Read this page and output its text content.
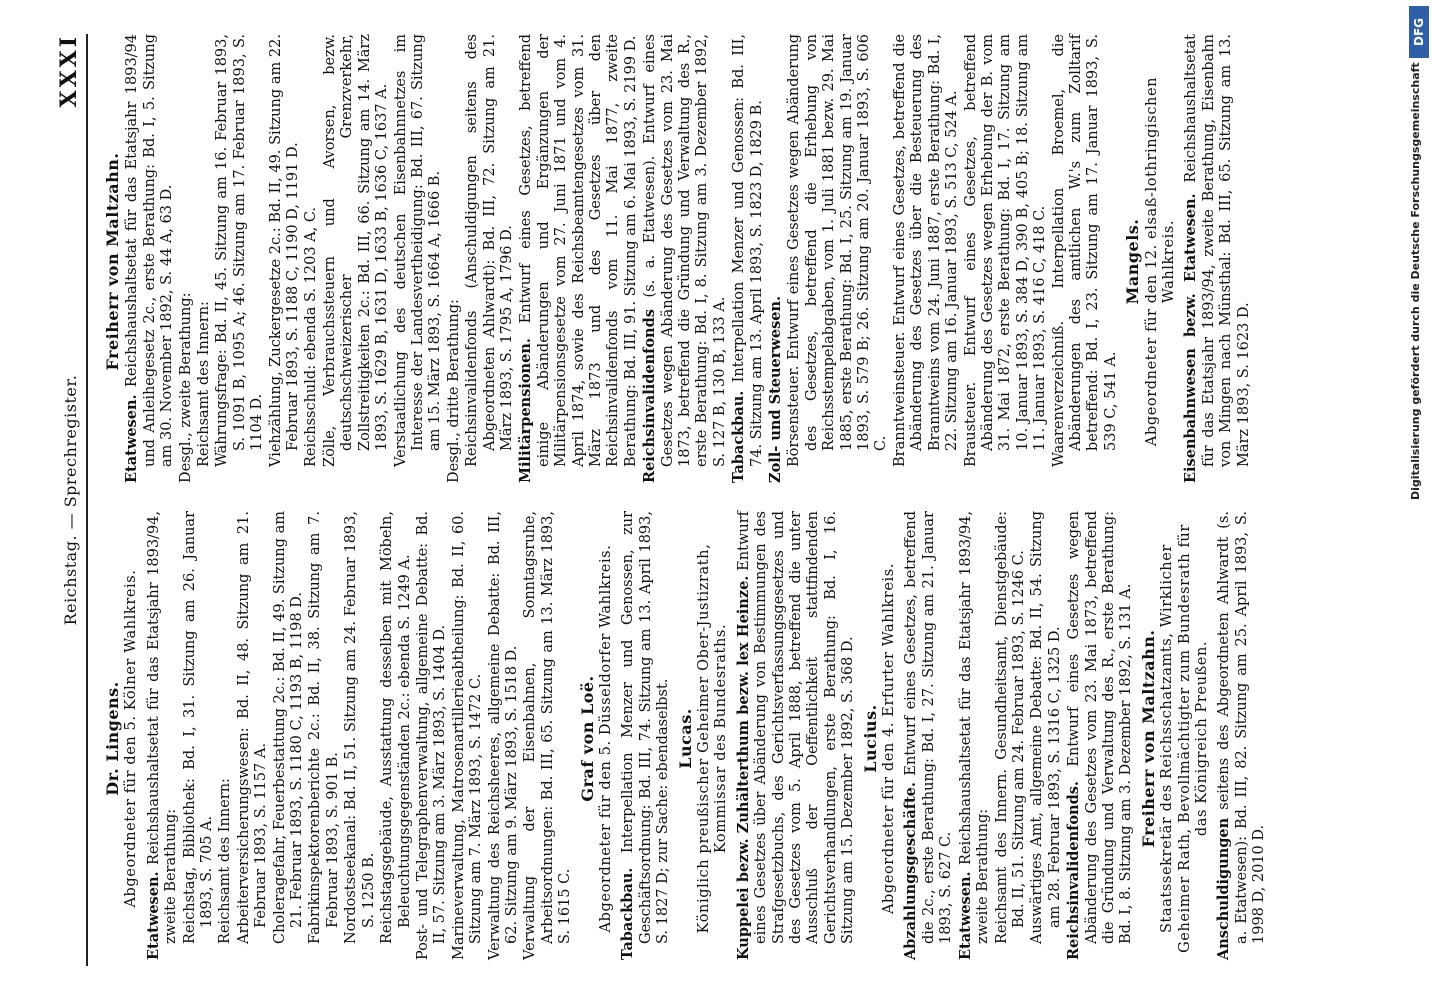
Reichstag. — Sprechregister.
XXXI
Dr. Lingens. Abgeordneter für den 5. Kölner Wahlkreis.
Etatwesen. Reichshaushaltsetat für das Etatsjahr 1893/94, zweite Berathung: Reichstag, Bibliothek: Bd. I, 31. Sitzung am 26. Januar 1893, S. 705 A. Reichsamt des Innern: Arbeiterversicherungswesen: Bd. II, 48. Sitzung am 21. Februar 1893, S. 1157 A. Choleragefahr, Feuerbestattung 2c.: Bd. II, 49. Sitzung am 21. Februar 1893, S. 1180 C, 1193 B, 1198 D. Fabrikinspektorenberichte 2c.: Bd. II, 38. Sitzung am 7. Februar 1893, S. 901 B. Nordostseekanal: Bd. II, 51. Sitzung am 24. Februar 1893, S. 1250 B. Reichstagsgebäude, Ausstattung desselben mit Möbeln, Beleuchtungsgegenständen 2c.: ebenda S. 1249 A. Post- und Telegraphenverwaltung, allgemeine Debatte: Bd. II, 57. Sitzung am 3. März 1893, S. 1404 D. Marineverwaltung, Matrosenartillerieabtheilung: Bd. II, 60. Sitzung am 7. März 1893, S. 1472 C. Verwaltung des Reichsheeres, allgemeine Debatte: Bd. III, 62. Sitzung am 9. März 1893, S. 1518 D. Verwaltung der Eisenbahnen, Sonntagsruhe, Arbeitsordnungen: Bd. III, 65. Sitzung am 13. März 1893, S. 1615 C.
Graf von Loë. Abgeordneter für den 5. Düsseldorfer Wahlkreis. Tabackbau. Interpellation Menzer und Genossen, zur Geschäftsordnung: Bd. III, 74. Sitzung am 13. April 1893, S. 1827 D; zur Sache: ebendaselbst. Lucas. Königlich preußischer Geheimer Ober-Justizrath, Kommissar des Bundesraths. Kuppelei bezw. Zuhälterthum bezw. lex Heinze. Entwurf eines Gesetzes über Abänderung von Bestimmungen des Strafgesetzbuchs, des Gerichtsverfassungsgesetzes und des Gesetzes vom 5. April 1888, betreffend die unter Ausschluß der Oeffentlichkeit stattfindenden Gerichtsverhandlungen, erste Berathung: Bd. I, 16. Sitzung am 15. Dezember 1892, S. 368 D. Lucius. Abgeordneter für den 4. Erfurter Wahlkreis. Abzahlungsgeschäfte. Entwurf eines Gesetzes, betreffend die 2c., erste Berathung: Bd. I, 27. Sitzung am 21. Januar 1893, S. 627 C. Etatwesen. Reichshaushaltsetat für das Etatsjahr 1893/94, zweite Berathung: Reichsamt des Innern. Gesundheitsamt, Dienstgebäude: Bd. II, 51. Sitzung am 24. Februar 1893, S. 1246 C. Auswärtiges Amt, allgemeine Debatte: Bd. II, 54. Sitzung am 28. Februar 1893, S. 1316 C, 1325 D. Reichsinvalidenfonds. Entwurf eines Gesetzes wegen Abänderung des Gesetzes vom 23. Mai 1873, betreffend die Gründung und Verwaltung des R., erste Berathung: Bd. I, 8. Sitzung am 3. Dezember 1892, S. 131 A. Freiherr von Maltzahn. Staatssekretär des Reichsschatzamts, Wirklicher Geheimer Rath, Bevollmächtigter zum Bundesrath für das Königreich Preußen.
Anschuldigungen seitens des Abgeordneten Ahlwardt (s. a. Etatwesen): Bd. III, 82. Sitzung am 25. April 1893, S. 1998 D, 2010 D.
Freiherr von Maltzahn.
Etatwesen. Reichshaushaltsetat für das Etatsjahr 1893/94 und Anleihegesetz 2c., erste Berathung: Bd. I, 5. Sitzung am 30. November 1892, S. 44 A, 63 D. Desgl., zweite Berathung: Reichsamt des Innern: Währungsfrage: Bd. II, 45. Sitzung am 16. Februar 1893, S. 1091 B, 1095 A; 46. Sitzung am 17. Februar 1893, S. 1104 D. Viehzählung, Zuckergesetze 2c.: Bd. II, 49. Sitzung am 22. Februar 1893, S. 1188 C, 1190 D, 1191 D. Reichsschuld: ebenda S. 1203 A, C. Zölle, Verbrauchssteuern und Avorsen, bezw. deutschschweizerischer Grenzverkehr, Zollstreitigkeiten 2c.: Bd. III, 66. Sitzung am 14. März 1893, S. 1629 B, 1631 D, 1633 B, 1636 C, 1637 A. Verstaatlichung des deutschen Eisenbahnnetzes im Interesse der Landesvertheidigung: Bd. III, 67. Sitzung am 15. März 1893, S. 1664 A, 1666 B. Desgl., dritte Berathung: Reichsinvalidenfonds (Anschuldigungen seitens des Abgeordneten Ahlwardt): Bd. III, 72. Sitzung am 21. März 1893, S. 1795 A, 1796 D. Militärpensionen. Entwurf eines Gesetzes, betreffend einige Abänderungen und Ergänzungen der Militärpensionsgesetze vom 27. Juni 1871 und vom 4. April 1874, sowie des Reichsbeamtengesetzes vom 31. März 1873 und des Gesetzes über den Reichsinvalidenfonds vom 11. Mai 1877, zweite Berathung: Bd. III, 91. Sitzung am 6. Mai 1893, S. 2199 D. Reichsinvalidenfonds (s. a. Etatwesen). Entwurf eines Gesetzes wegen Abänderung des Gesetzes vom 23. Mai 1873, betreffend die Gründung und Verwaltung des R., erste Berathung: Bd. I, 8. Sitzung am 3. Dezember 1892, S. 127 B, 130 B, 133 A. Tabackbau. Interpellation Menzer und Genossen: Bd. III, 74. Sitzung am 13. April 1893, S. 1823 D, 1829 B. Zoll- und Steuerwesen. Börsensteuer. Entwurf eines Gesetzes wegen Abänderung des Gesetzes, betreffend die Erhebung von Reichsstempelabgaben, vom 1. Juli 1881 bezw. 29. Mai 1885, erste Berathung: Bd. I, 25. Sitzung am 19. Januar 1893, S. 579 B; 26. Sitzung am 20. Januar 1893, S. 606 C. Branntweinsteuer. Entwurf eines Gesetzes, betreffend die Abänderung des Gesetzes über die Besteuerung des Branntweins vom 24. Juni 1887, erste Berathung: Bd. I, 22. Sitzung am 16. Januar 1893, S. 513 C, 524 A. Brausteuer. Entwurf eines Gesetzes, betreffend Abänderung des Gesetzes wegen Erhebung der B. vom 31. Mai 1872, erste Berathung: Bd. I, 17. Sitzung am 10. Januar 1893, S. 384 D, 390 B, 405 B; 18. Sitzung am 11. Januar 1893, S. 416 C, 418 C. Waarenverzeichniß. Interpellation Broemel, die Abänderungen des amtlichen W.'s zum Zolltarif betreffend: Bd. I, 23. Sitzung am 17. Januar 1893, S. 539 C, 541 A.
Mangels. Abgeordneter für den 12. elsaß-lothringischen Wahlkreis. Eisenbahnwesen bezw. Etatwesen. Reichshaushaltsetat für das Etatsjahr 1893/94, zweite Berathung, Eisenbahn von Mingen nach Münsthal: Bd. III, 65. Sitzung am 13. März 1893, S. 1623 D.
DFG
Digitalisierung gefördert durch die Deutsche Forschungsgemeinschaft
